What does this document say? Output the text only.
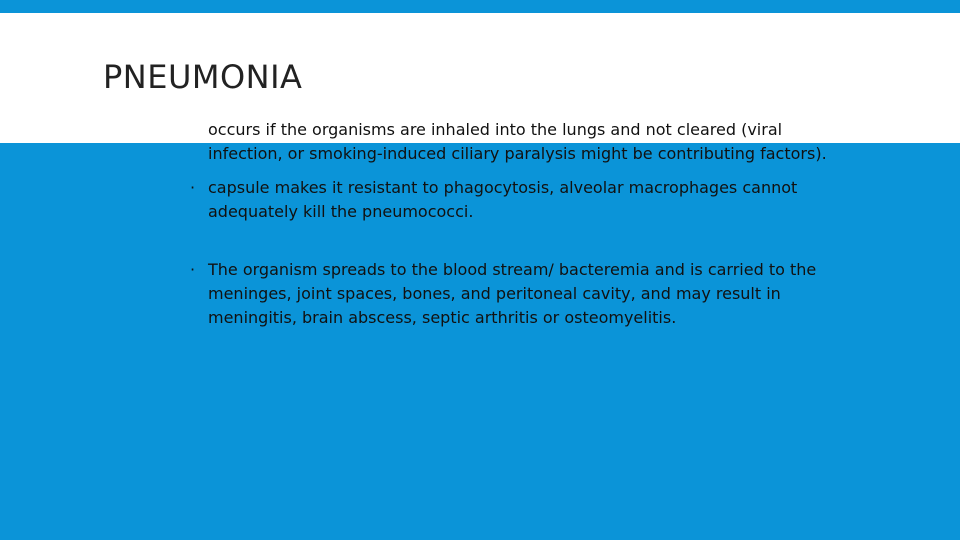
PNEUMONIA

occurs if the organisms are inhaled into the lungs and not cleared (viral infection, or smoking-induced ciliary paralysis might be contributing factors).

· capsule makes it resistant to phagocytosis, alveolar macrophages cannot adequately kill the pneumococci.

· The organism spreads to the blood stream/ bacteremia and is carried to the meninges, joint spaces, bones, and peritoneal cavity, and may result in meningitis, brain abscess, septic arthritis or osteomyelitis.
